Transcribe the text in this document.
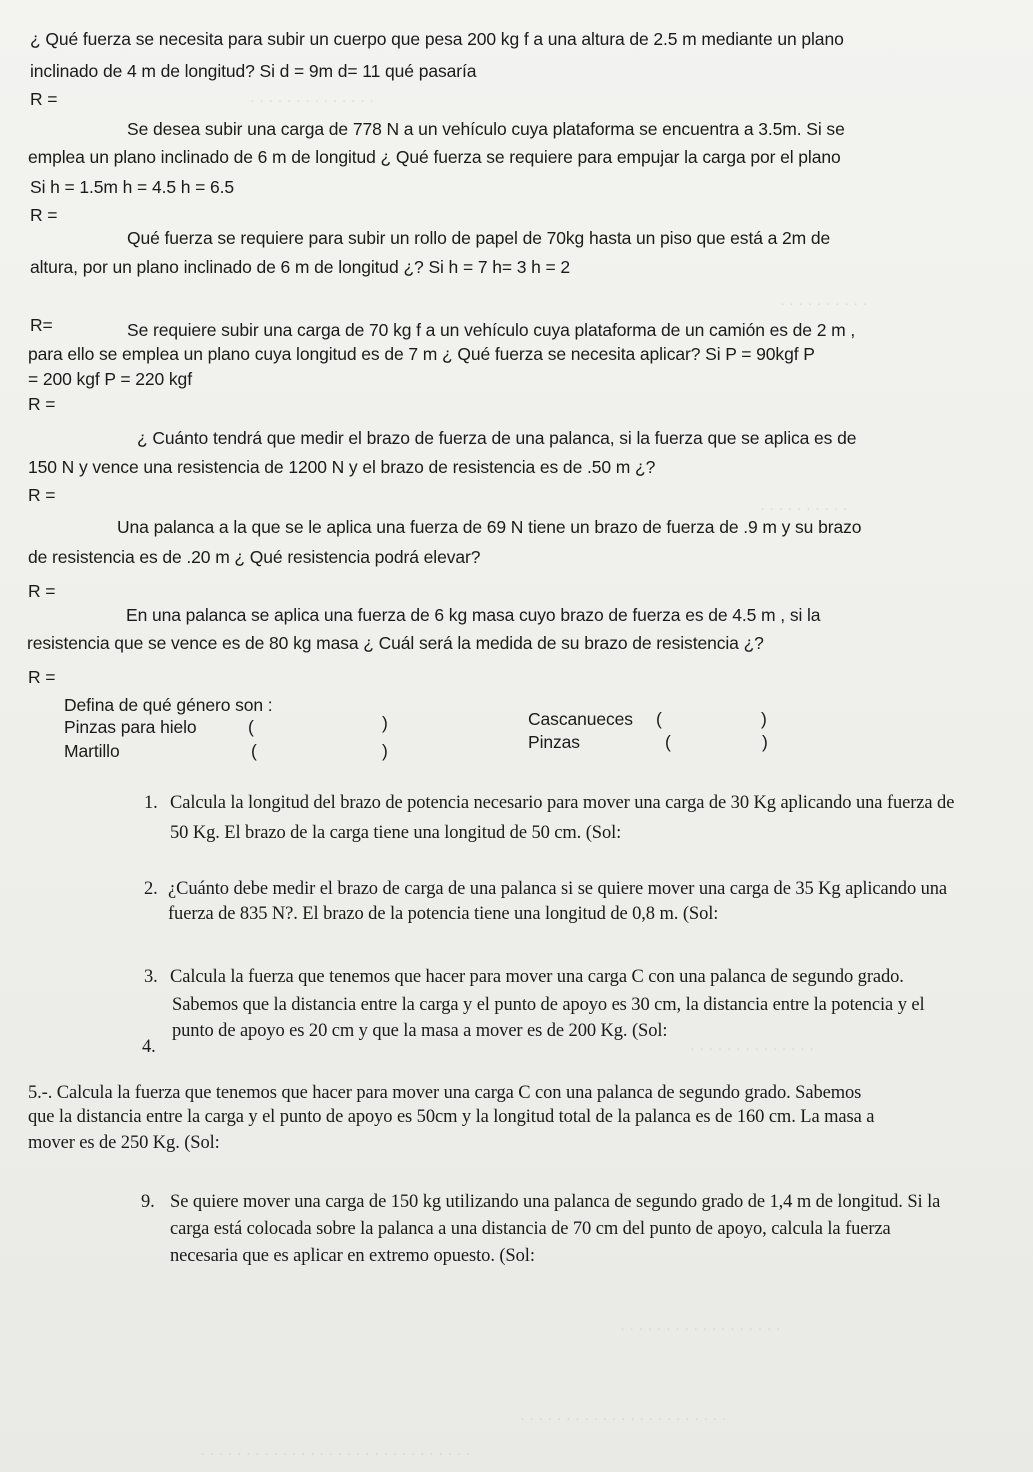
· · · · · · · · · · · · · ·
· · · · · · · · · ·
· · · · · · · · · ·
· · · · · · · · · · · · · ·
· · · · · · · · · · · · · · · · · ·
· · · · · · · · · · · · · · · · · · · · · · ·
· · · · · · · · · · · · · · · · · · · · · · · · · · · · · ·
¿ Qué fuerza se necesita para subir un cuerpo que pesa 200 kg f a una altura de 2.5 m mediante un plano
inclinado de 4 m de longitud? Si d = 9m d= 11 qué pasaría
R =
Se desea subir una carga de 778 N a un vehículo cuya plataforma se encuentra a 3.5m. Si se
emplea un plano inclinado de 6 m de longitud ¿ Qué fuerza se requiere para empujar la carga por el plano
Si h = 1.5m h = 4.5 h = 6.5
R =
Qué fuerza se requiere para subir un rollo de papel de 70kg hasta un piso que está a 2m de
altura, por un plano inclinado de 6 m de longitud ¿? Si h = 7 h= 3 h = 2
R=	Se requiere subir una carga de 70 kg f a un vehículo cuya plataforma de un camión es de 2 m ,
para ello se emplea un plano cuya longitud es de 7 m ¿ Qué fuerza se necesita aplicar? Si P = 90kgf P
= 200 kgf P = 220 kgf
R =
¿ Cuánto tendrá que medir el brazo de fuerza de una palanca, si la fuerza que se aplica es de
150 N y vence una resistencia de 1200 N y el brazo de resistencia es de .50 m ¿?
R =
Una palanca a la que se le aplica una fuerza de 69 N tiene un brazo de fuerza de .9 m y su brazo
de resistencia es de .20 m ¿ Qué resistencia podrá elevar?
R =
En una palanca se aplica una fuerza de 6 kg masa cuyo brazo de fuerza es de 4.5 m , si la
resistencia que se vence es de 80 kg masa ¿ Cuál será la medida de su brazo de resistencia ¿?
R =
Defina de qué género son :
Pinzas para hielo	(	)
Martillo	(	)
Cascanueces (	)
Pinzas	(	)
1. Calcula la longitud del brazo de potencia necesario para mover una carga de 30 Kg aplicando una fuerza de
50 Kg. El brazo de la carga tiene una longitud de 50 cm. (Sol:
2. ¿Cuánto debe medir el brazo de carga de una palanca si se quiere mover una carga de 35 Kg aplicando una
fuerza de 835 N?. El brazo de la potencia tiene una longitud de 0,8 m. (Sol:
3. Calcula la fuerza que tenemos que hacer para mover una carga C con una palanca de segundo grado.
Sabemos que la distancia entre la carga y el punto de apoyo es 30 cm, la distancia entre la potencia y el
punto de apoyo es 20 cm y que la masa a mover es de 200 Kg. (Sol:
4.
5.-. Calcula la fuerza que tenemos que hacer para mover una carga C con una palanca de segundo grado. Sabemos
que la distancia entre la carga y el punto de apoyo es 50cm y la longitud total de la palanca es de 160 cm. La masa a
mover es de 250 Kg. (Sol:
9. Se quiere mover una carga de 150 kg utilizando una palanca de segundo grado de 1,4 m de longitud. Si la
carga está colocada sobre la palanca a una distancia de 70 cm del punto de apoyo, calcula la fuerza
necesaria que es aplicar en extremo opuesto. (Sol:
